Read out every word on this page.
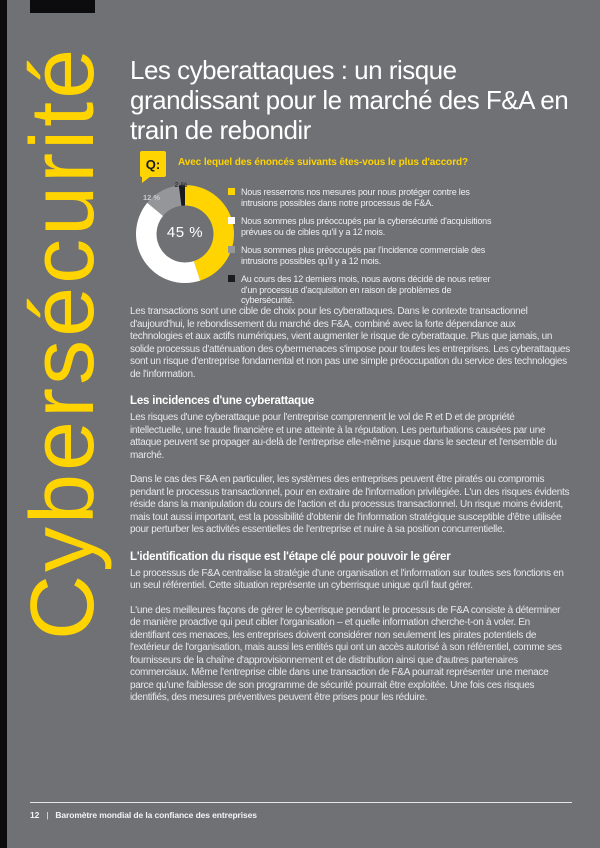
Cybersécurité Les cyberattaques : un risque grandissant pour le marché des F&A en train de rebondir
Q: Avec lequel des énoncés suivants êtes-vous le plus d'accord?
45 %
2 %
12 %
41 %
Nous resserrons nos mesures pour nous protéger contre les intrusions possibles dans notre processus de F&A.
Nous sommes plus préoccupés par la cybersécurité d'acquisitions prévues ou de cibles qu'il y a 12 mois.
Nous sommes plus préoccupés par l'incidence commerciale des intrusions possibles qu'il y a 12 mois.
Au cours des 12 derniers mois, nous avons décidé de nous retirer d'un processus d'acquisition en raison de problèmes de cybersécurité.

Les transactions sont une cible de choix pour les cyberattaques. Dans le contexte transactionnel d'aujourd'hui, le rebondissement du marché des F&A, combiné avec la forte dépendance aux technologies et aux actifs numériques, vient augmenter le risque de cyberattaque. Plus que jamais, un solide processus d'atténuation des cybermenaces s'impose pour toutes les entreprises. Les cyberattaques sont un risque d'entreprise fondamental et non pas une simple préoccupation du service des technologies de l'information.

Les incidences d'une cyberattaque

Les risques d'une cyberattaque pour l'entreprise comprennent le vol de R et D et de propriété intellectuelle, une fraude financière et une atteinte à la réputation. Les perturbations causées par une attaque peuvent se propager au-delà de l'entreprise elle-même jusque dans le secteur et l'ensemble du marché.

Dans le cas des F&A en particulier, les systèmes des entreprises peuvent être piratés ou compromis pendant le processus transactionnel, pour en extraire de l'information privilégiée. L'un des risques évidents réside dans la manipulation du cours de l'action et du processus transactionnel. Un risque moins évident, mais tout aussi important, est la possibilité d'obtenir de l'information stratégique susceptible d'être utilisée pour perturber les activités essentielles de l'entreprise et nuire à sa position concurrentielle.

L'identification du risque est l'étape clé pour pouvoir le gérer

Le processus de F&A centralise la stratégie d'une organisation et l'information sur toutes ses fonctions en un seul référentiel. Cette situation représente un cyberrisque unique qu'il faut gérer.

L'une des meilleures façons de gérer le cyberrisque pendant le processus de F&A consiste à déterminer de manière proactive qui peut cibler l'organisation – et quelle information cherche-t-on à voler. En identifiant ces menaces, les entreprises doivent considérer non seulement les pirates potentiels de l'extérieur de l'organisation, mais aussi les entités qui ont un accès autorisé à son référentiel, comme ses fournisseurs de la chaîne d'approvisionnement et de distribution ainsi que d'autres partenaires commerciaux. Même l'entreprise cible dans une transaction de F&A pourrait représenter une menace parce qu'une faiblesse de son programme de sécurité pourrait être exploitée. Une fois ces risques identifiés, des mesures préventives peuvent être prises pour les réduire.

12 | Baromètre mondial de la confiance des entreprises
